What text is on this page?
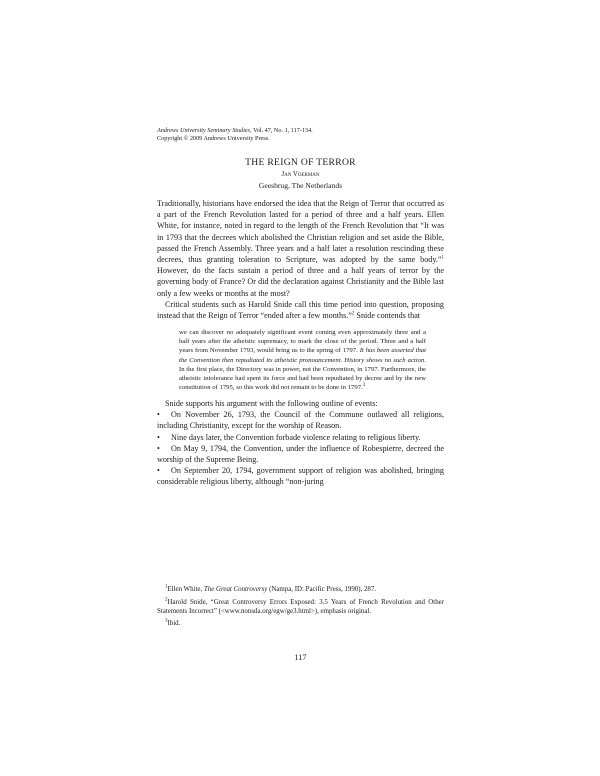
Andrews University Seminary Studies, Vol. 47, No. 1, 117-134.
Copyright © 2009 Andrews University Press.
THE REIGN OF TERROR
Jan Voerman
Geesbrug, The Netherlands

Traditionally, historians have endorsed the idea that the Reign of Terror that occurred as a part of the French Revolution lasted for a period of three and a half years. Ellen White, for instance, noted in regard to the length of the French Revolution that “It was in 1793 that the decrees which abolished the Christian religion and set aside the Bible, passed the French Assembly. Three years and a half later a resolution rescinding these decrees, thus granting toleration to Scripture, was adopted by the same body.”$^1$ However, do the facts sustain a period of three and a half years of terror by the governing body of France? Or did the declaration against Christianity and the Bible last only a few weeks or months at the most?

Critical students such as Harold Snide call this time period into question, proposing instead that the Reign of Terror “ended after a few months.”$^2$ Snide contends that

we can discover no adequately significant event coming even approximately three and a half years after the atheistic supremacy, to mark the close of the period. Three and a half years from November 1793, would bring us to the spring of 1797. It has been asserted that the Convention then repudiated its atheistic pronouncement. History shows no such action. In the first place, the Directory was in power, not the Convention, in 1797. Furthermore, the atheistic intolerance had spent its force and had been repudiated by decree and by the new constitution of 1795, so this work did not remain to be done in 1797.$^3$

Snide supports his argument with the following outline of events:

• On November 26, 1793, the Council of the Commune outlawed all religions, including Christianity, except for the worship of Reason.

• Nine days later, the Convention forbade violence relating to religious liberty.

• On May 9, 1794, the Convention, under the influence of Robespierre, decreed the worship of the Supreme Being.

• On September 20, 1794, government support of religion was abolished, bringing considerable religious liberty, although “non-juring

$^1$Ellen White, The Great Controversy (Nampa, ID: Pacific Press, 1990), 287.

$^2$Harold Snide, “Great Controversy Errors Exposed: 3.5 Years of French Revolution and Other Statements Incorrect” (<www.nonsda.org/egw/ge3.html>), emphasis original.

$^3$Ibid.

117
